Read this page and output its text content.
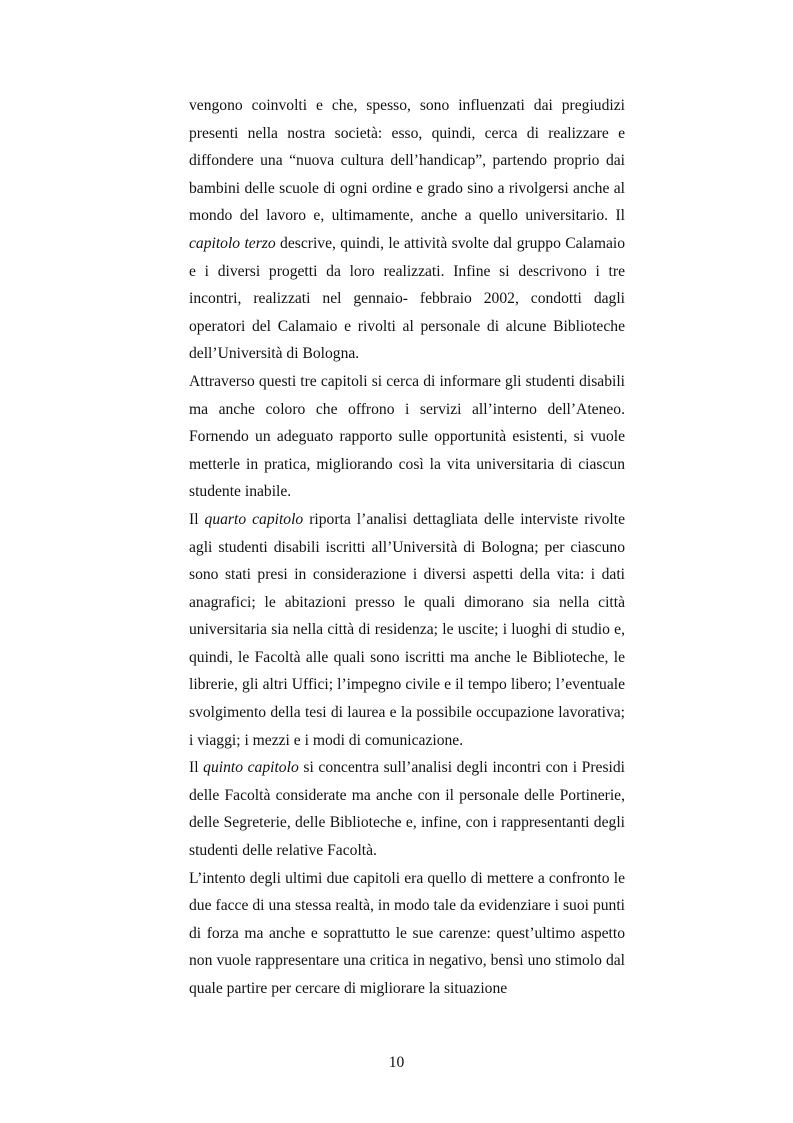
vengono coinvolti e che, spesso, sono influenzati dai pregiudizi presenti nella nostra società: esso, quindi, cerca di realizzare e diffondere una “nuova cultura dell’handicap”, partendo proprio dai bambini delle scuole di ogni ordine e grado sino a rivolgersi anche al mondo del lavoro e, ultimamente, anche a quello universitario. Il capitolo terzo descrive, quindi, le attività svolte dal gruppo Calamaio e i diversi progetti da loro realizzati. Infine si descrivono i tre incontri, realizzati nel gennaio- febbraio 2002, condotti dagli operatori del Calamaio e rivolti al personale di alcune Biblioteche dell’Università di Bologna.

Attraverso questi tre capitoli si cerca di informare gli studenti disabili ma anche coloro che offrono i servizi all’interno dell’Ateneo. Fornendo un adeguato rapporto sulle opportunità esistenti, si vuole metterle in pratica, migliorando così la vita universitaria di ciascun studente inabile.

Il quarto capitolo riporta l’analisi dettagliata delle interviste rivolte agli studenti disabili iscritti all’Università di Bologna; per ciascuno sono stati presi in considerazione i diversi aspetti della vita: i dati anagrafici; le abitazioni presso le quali dimorano sia nella città universitaria sia nella città di residenza; le uscite; i luoghi di studio e, quindi, le Facoltà alle quali sono iscritti ma anche le Biblioteche, le librerie, gli altri Uffici; l’impegno civile e il tempo libero; l’eventuale svolgimento della tesi di laurea e la possibile occupazione lavorativa; i viaggi; i mezzi e i modi di comunicazione.

Il quinto capitolo si concentra sull’analisi degli incontri con i Presidi delle Facoltà considerate ma anche con il personale delle Portinerie, delle Segreterie, delle Biblioteche e, infine, con i rappresentanti degli studenti delle relative Facoltà.

L’intento degli ultimi due capitoli era quello di mettere a confronto le due facce di una stessa realtà, in modo tale da evidenziare i suoi punti di forza ma anche e soprattutto le sue carenze: quest’ultimo aspetto non vuole rappresentare una critica in negativo, bensì uno stimolo dal quale partire per cercare di migliorare la situazione

10
